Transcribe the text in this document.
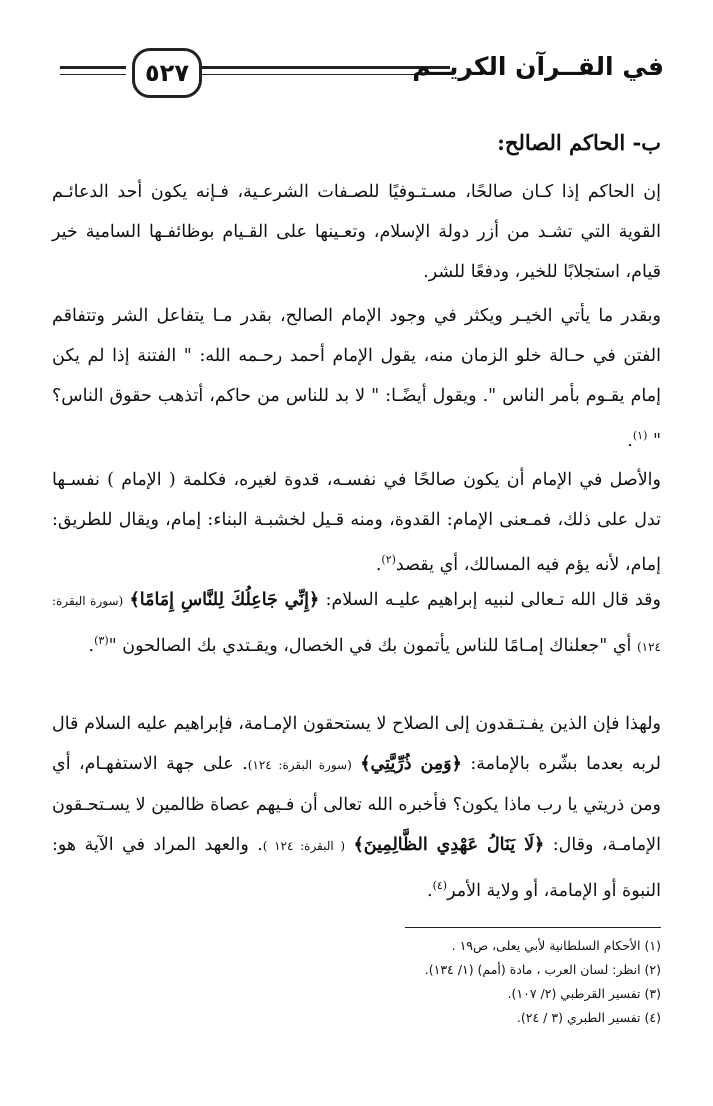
٥٢٧	في القــرآن الكريــم
ب- الحاكم الصالح:
إن الحاكم إذا كـان صالحًا، مسـتـوفيًا للصـفات الشرعـية، فـإنه يكون أحد الدعائـم القوية التي تشـد من أزر دولة الإسلام، وتعـينها على القـيام بوظائفـها السامية خير قيام، استجلابًا للخير، ودفعًا للشر.
وبقدر ما يأتي الخيـر ويكثر في وجود الإمام الصالح، بقدر مـا يتفاعل الشر وتتفاقم الفتن في حـالة خلو الزمان منه، يقول الإمام أحمد رحـمه الله: " الفتنة إذا لم يكن إمام يقـوم بأمر الناس ". ويقول أيضًـا: " لا بد للناس من حاكم، أتذهب حقوق الناس؟ " $^{(١)}$.
والأصل في الإمام أن يكون صالحًا في نفسـه، قدوة لغيره، فكلمة ( الإمام ) نفسـها تدل على ذلك، فمـعنى الإمام: القدوة، ومنه قـيل لخشبـة البناء: إمام، ويقال للطريق: إمام، لأنه يؤم فيه المسالك، أي يقصد$^{(٢)}$.
وقد قال الله تـعالى لنبيه إبراهيم عليـه السلام: ﴿إِنِّي جَاعِلُكَ لِلنَّاسِ إِمَامًا﴾ (سورة البقرة: ١٢٤) أي "جعلناك إمـامًا للناس يأتمون بك في الخصال، ويقـتدي بك الصالحون "$^{(٣)}$.
ولهذا فإن الذين يفـتـقدون إلى الصلاح لا يستحقون الإمـامة، فإبراهيم عليه السلام قال لربه بعدما بشّره بالإمامة: ﴿وَمِن ذُرِّيَّتِي﴾ (سورة البقرة: ١٢٤). على جهة الاستفهـام، أي ومن ذريتي يا رب ماذا يكون؟ فأخبره الله تعالى أن فـيهم عصاة ظالمين لا يسـتحـقون الإمامـة، وقال: ﴿لَا يَنَالُ عَهْدِي الظَّالِمِينَ﴾ ( البقرة: ١٢٤ ). والعهد المراد في الآية هو: النبوة أو الإمامة، أو ولاية الأمر$^{(٤)}$.
(١) الأحكام السلطانية لأبي يعلى، ص١٩ .
(٢) انظر: لسان العرب ، مادة (أمم) (١/ ١٣٤).
(٣) تفسير القرطبي (٢/ ١٠٧).
(٤) تفسير الطبري (٣ / ٢٤).
